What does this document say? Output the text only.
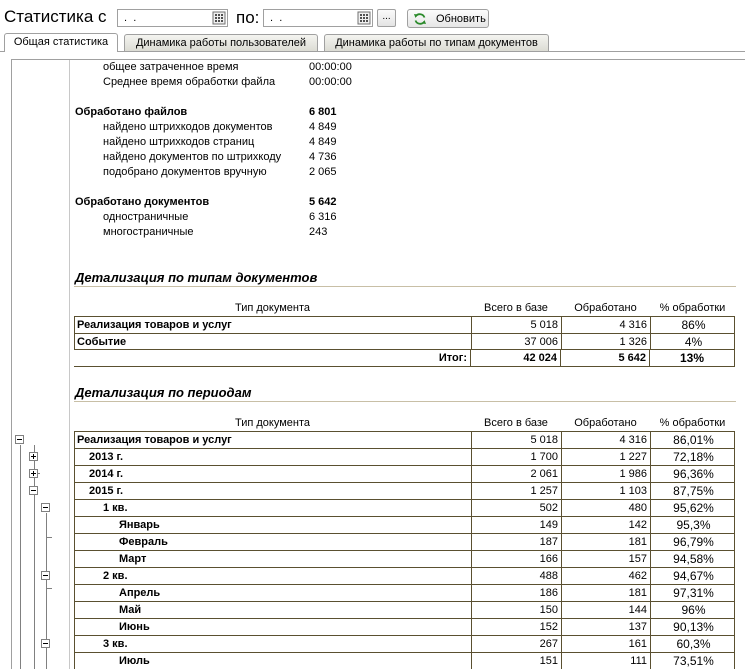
Статистика с
. .	по:
. .	...	Обновить
Общая статистика	Динамика работы пользователей	Динамика работы по типам документов
общее затраченное время	00:00:00
Среднее время обработки файла	00:00:00
Обработано файлов	6 801
найдено штрихкодов документов	4 849
найдено штрихкодов страниц	4 849
найдено документов по штрихкоду	4 736
подобрано документов вручную	2 065
Обработано документов	5 642
одностраничные	6 316
многостраничные	243
Детализация по типам документов
Тип документа	Всего в базе	Обработано	% обработки
Реализация товаров и услуг	5 018	4 316	86%
Событие	37 006	1 326	4%
Итог:	42 024	5 642	13%
Детализация по периодам
Тип документа	Всего в базе	Обработано	% обработки
Реализация товаров и услуг	5 018	4 316	86,01%
2013 г.	1 700	1 227	72,18%
2014 г.	2 061	1 986	96,36%
2015 г.	1 257	1 103	87,75%
1 кв.	502	480	95,62%
Январь	149	142	95,3%
Февраль	187	181	96,79%
Март	166	157	94,58%
2 кв.	488	462	94,67%
Апрель	186	181	97,31%
Май	150	144	96%
Июнь	152	137	90,13%
3 кв.	267	161	60,3%
Июль	151	111	73,51%
